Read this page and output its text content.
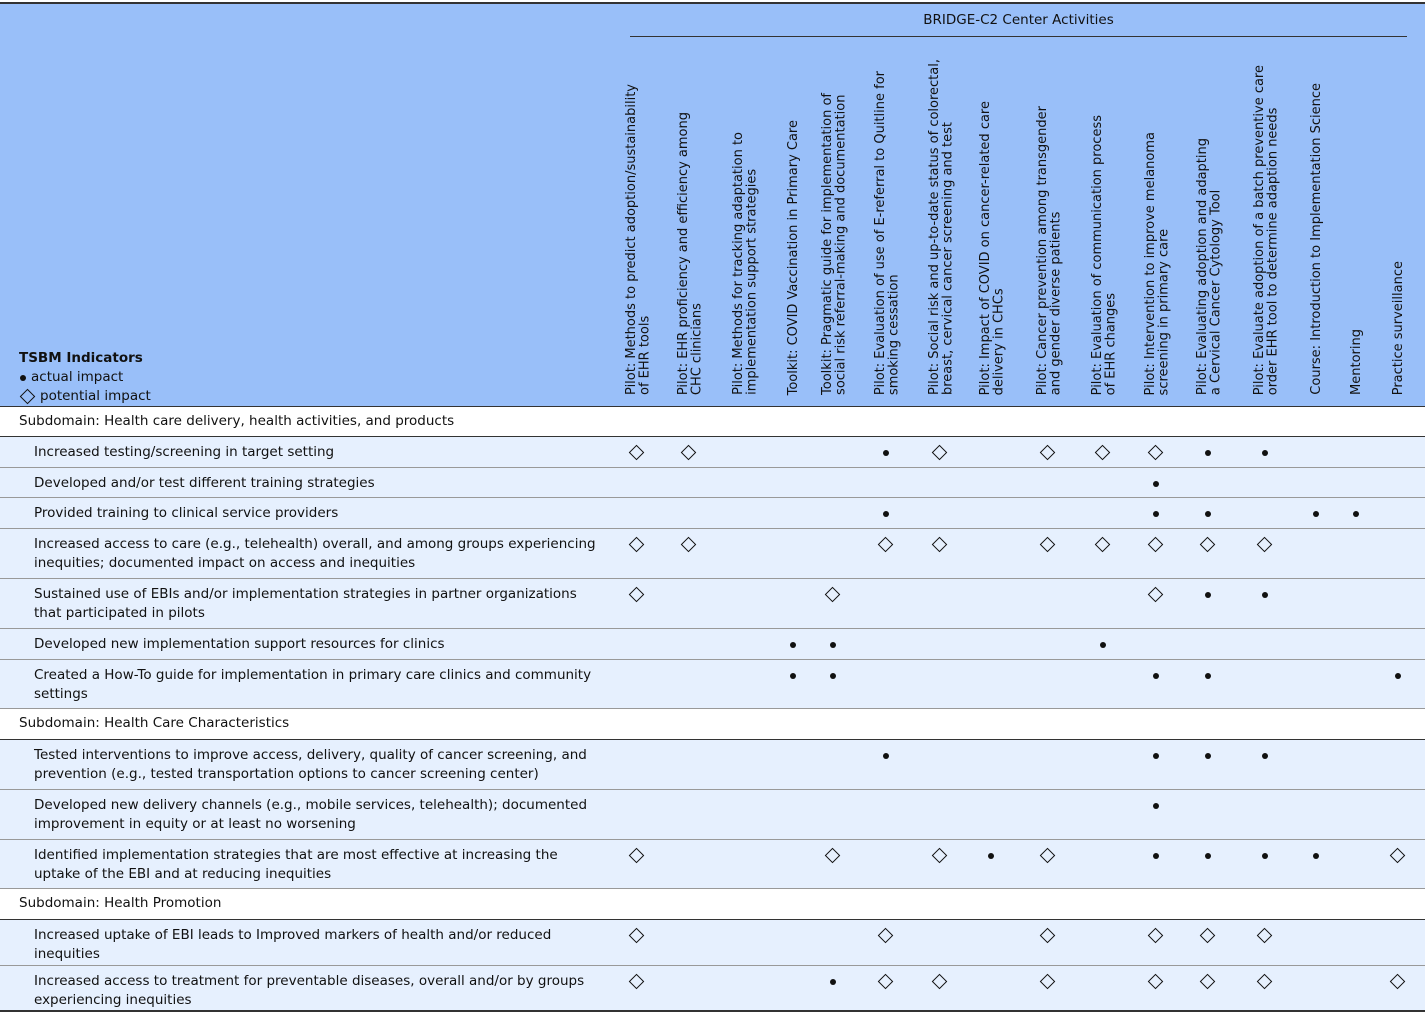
BRIDGE-C2 Center Activities
TSBM Indicators
actual impact
potential impact
Pilot: Methods to predict adoption/sustainability
of EHR tools
Pilot: EHR proficiency and efficiency among
CHC clinicians
Pilot: Methods for tracking adaptation to
implementation support strategies Toolkit: COVID Vaccination in Primary Care Toolkit: Pragmatic guide for implementation of
social risk referral-making and documentation
Pilot: Evaluation of use of E-referral to Quitline for
smoking cessation
Pilot: Social risk and up-to-date status of colorectal,
breast, cervical cancer screening and test
Pilot: Impact of COVID on cancer-related care
delivery in CHCs
Pilot: Cancer prevention among transgender
and gender diverse patients
Pilot: Evaluation of communication process
of EHR changes
Pilot: Intervention to improve melanoma
screening in primary care
Pilot: Evaluating adoption and adapting
a Cervical Cancer Cytology Tool
Pilot: Evaluate adoption of a batch preventive care
order EHR tool to determine adaption needs Course: Introduction to Implementation Science Mentoring Practice surveillance
Subdomain: Health care delivery, health activities, and products
Increased testing/screening in target setting
Developed and/or test different training strategies
Provided training to clinical service providers
Increased access to care (e.g., telehealth) overall, and among groups experiencing inequities; documented impact on access and inequities
Sustained use of EBIs and/or implementation strategies in partner organizations that participated in pilots
Developed new implementation support resources for clinics
Created a How-To guide for implementation in primary care clinics and community settings
Subdomain: Health Care Characteristics
Tested interventions to improve access, delivery, quality of cancer screening, and prevention (e.g., tested transportation options to cancer screening center)
Developed new delivery channels (e.g., mobile services, telehealth); documented improvement in equity or at least no worsening
Identified implementation strategies that are most effective at increasing the uptake of the EBI and at reducing inequities
Subdomain: Health Promotion
Increased uptake of EBI leads to Improved markers of health and/or reduced inequities
Increased access to treatment for preventable diseases, overall and/or by groups experiencing inequities
